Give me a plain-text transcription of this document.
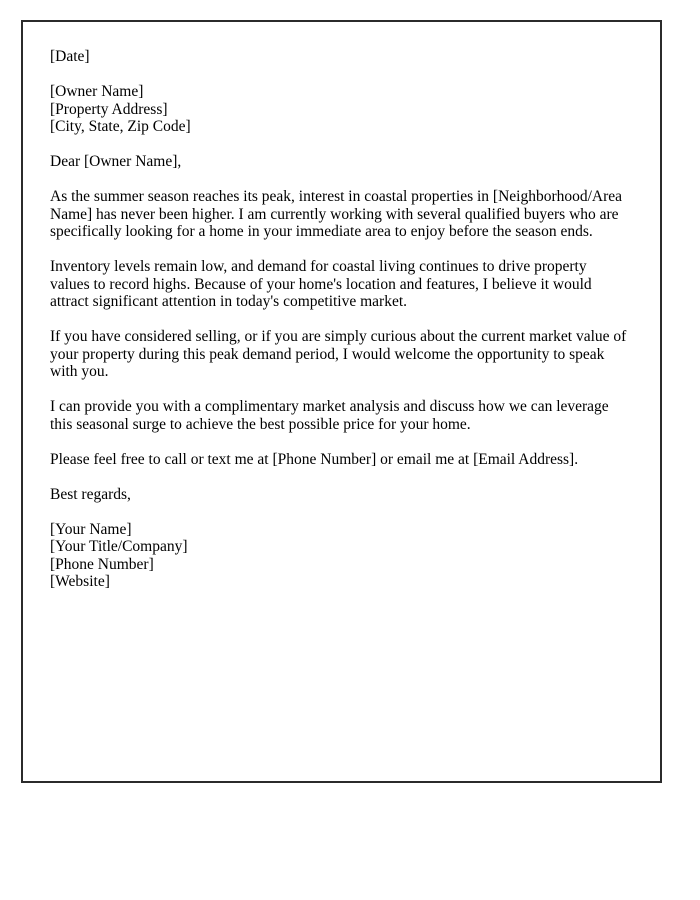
[Date]

[Owner Name]
[Property Address]
[City, State, Zip Code]

Dear [Owner Name],

As the summer season reaches its peak, interest in coastal properties in [Neighborhood/Area Name] has never been higher. I am currently working with several qualified buyers who are specifically looking for a home in your immediate area to enjoy before the season ends.

Inventory levels remain low, and demand for coastal living continues to drive property values to record highs. Because of your home's location and features, I believe it would attract significant attention in today's competitive market.

If you have considered selling, or if you are simply curious about the current market value of your property during this peak demand period, I would welcome the opportunity to speak with you.

I can provide you with a complimentary market analysis and discuss how we can leverage this seasonal surge to achieve the best possible price for your home.

Please feel free to call or text me at [Phone Number] or email me at [Email Address].

Best regards,

[Your Name]
[Your Title/Company]
[Phone Number]
[Website]
